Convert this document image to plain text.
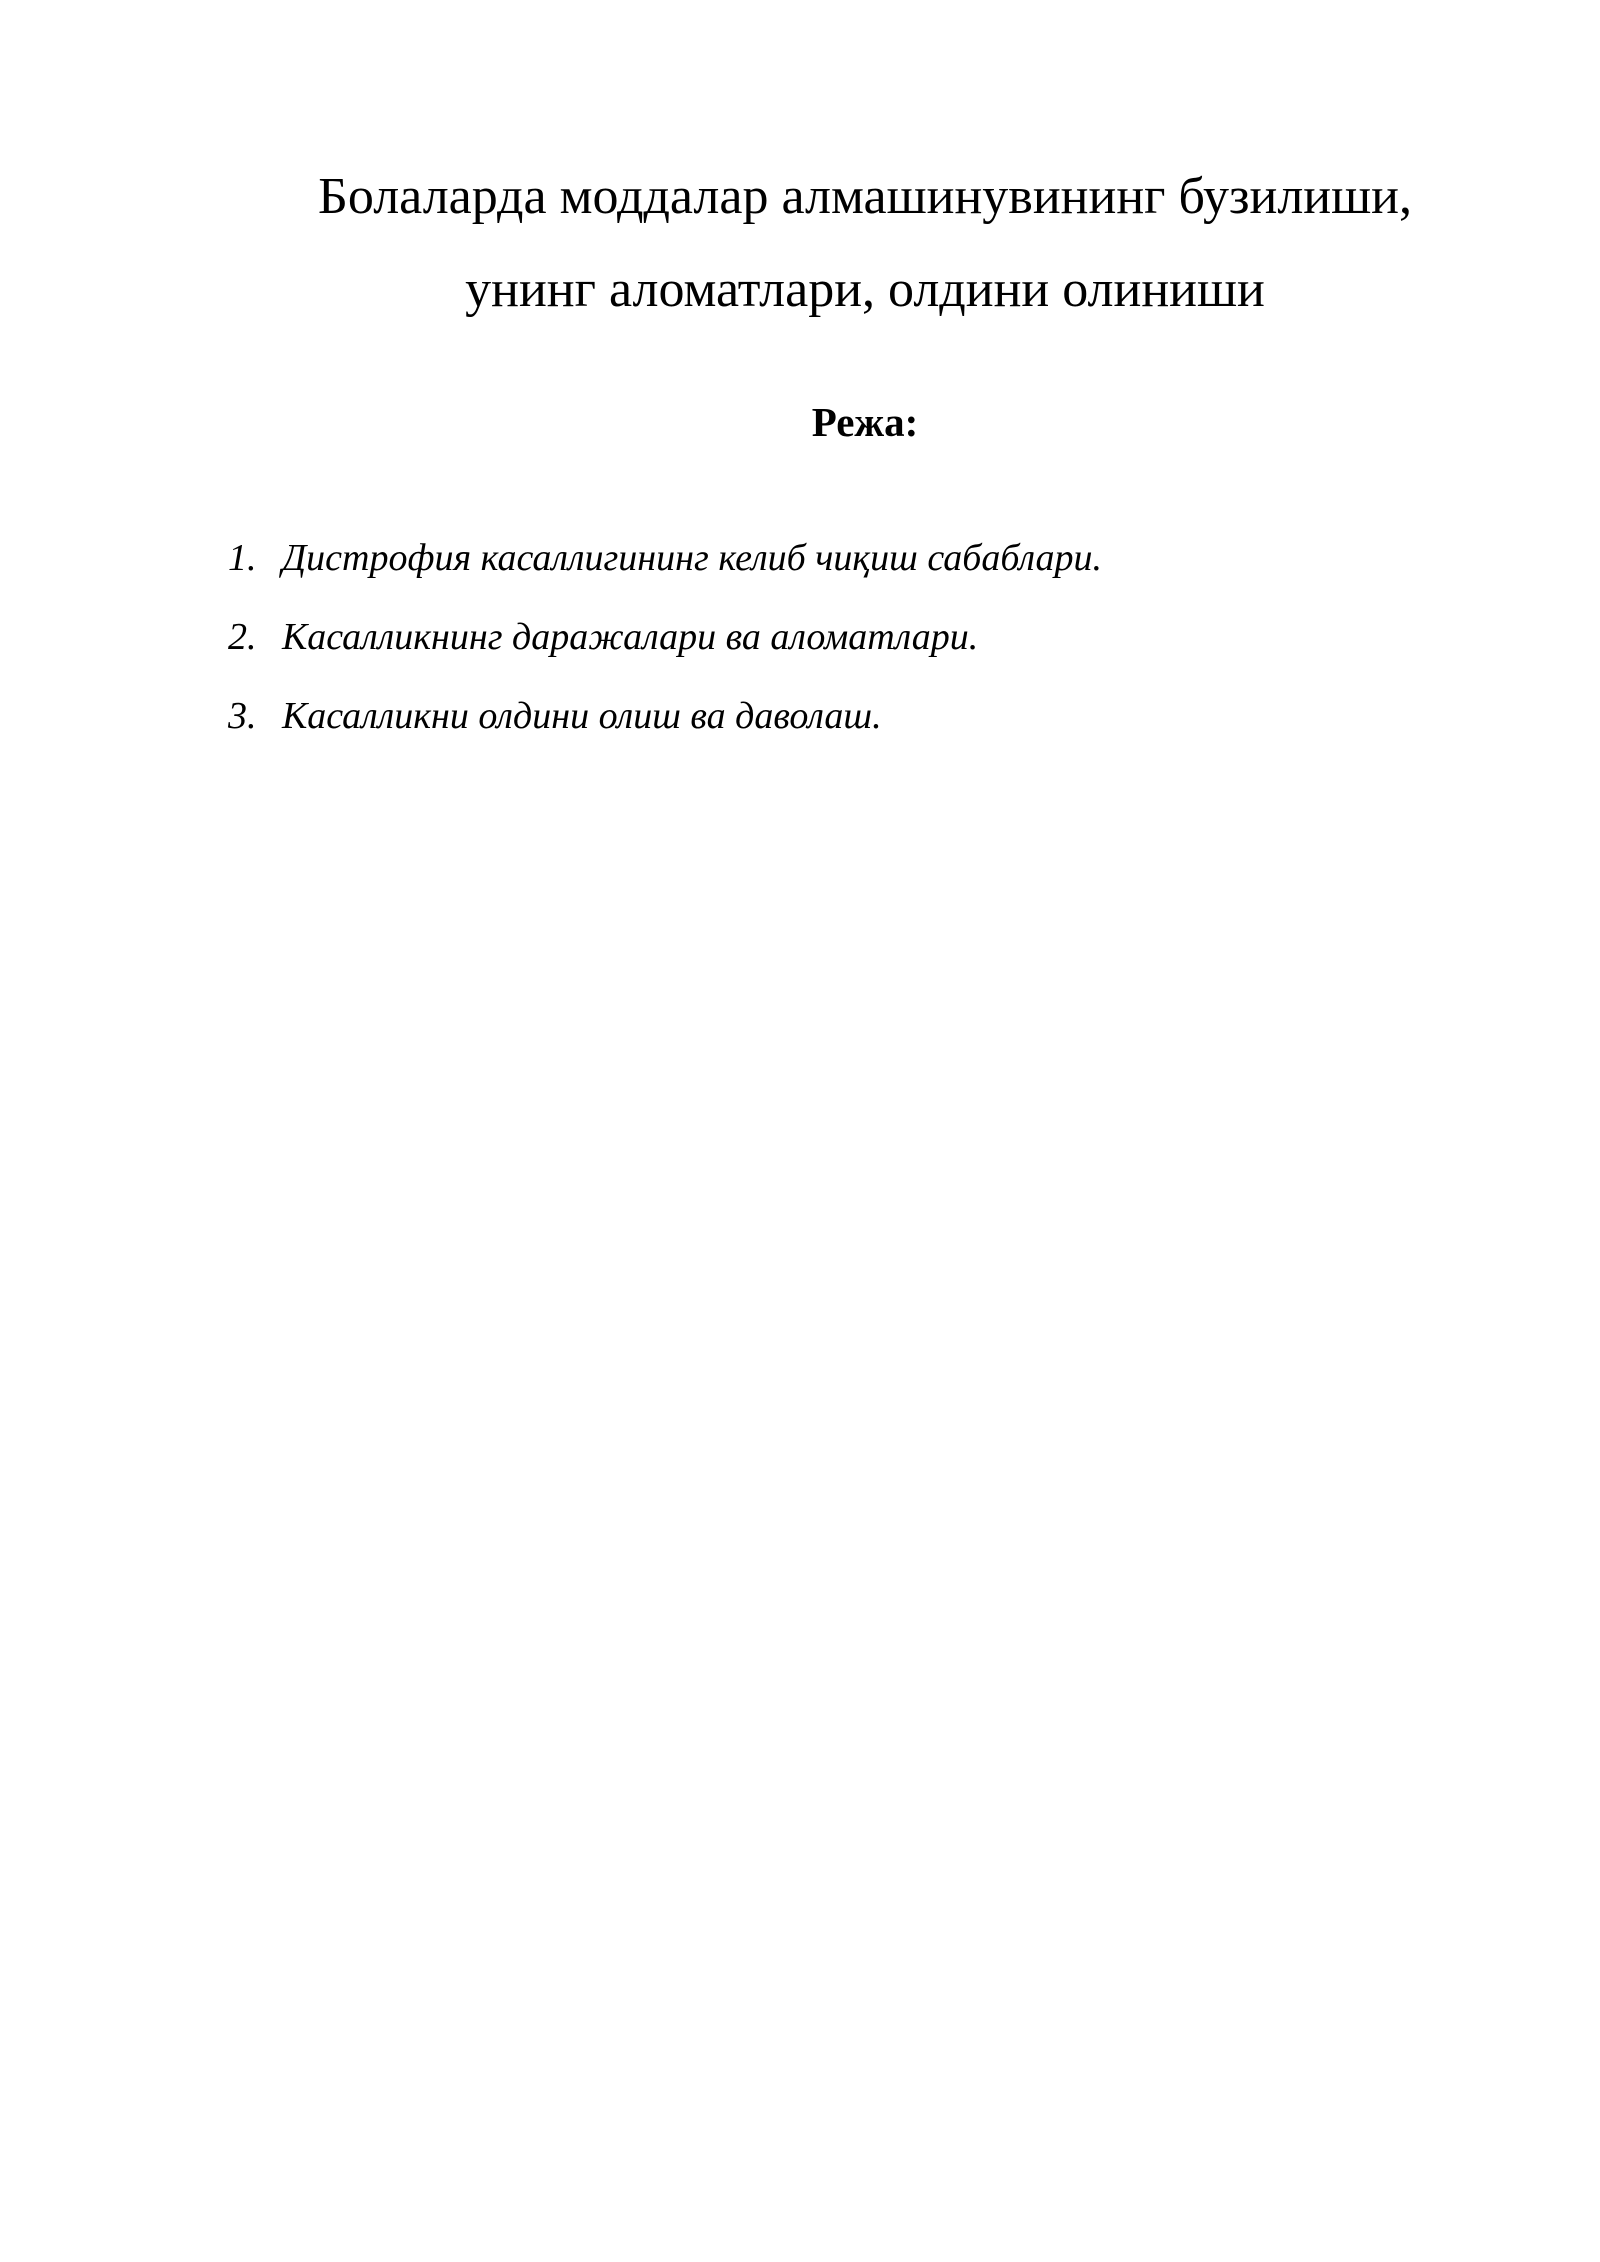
Болаларда моддалар алмашинувининг бузилиши,
унинг аломатлари, олдини олиниши
Режа:
1. Дистрофия касаллигининг келиб чиқиш сабаблари.
2. Касалликнинг даражалари ва аломатлари.
3. Касалликни олдини олиш ва даволаш.
